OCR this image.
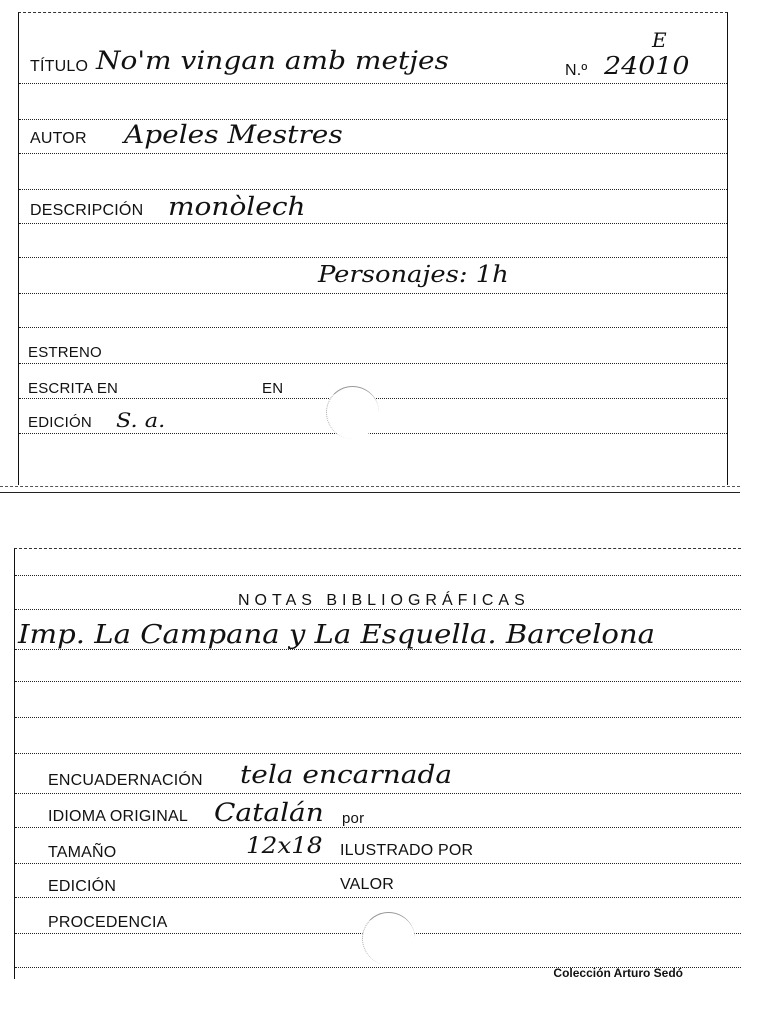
TÍTULO No'm vingan amb metjes	N.º 24010
E
AUTOR Apeles Mestres
DESCRIPCIÓN monòlech
Personajes: 1h
ESTRENO
ESCRITA EN	EN
EDICIÓN S. a.
NOTAS BIBLIOGRÁFICAS
Imp. La Campana y La Esquella. Barcelona
ENCUADERNACIÓN tela encarnada
IDIOMA ORIGINAL Catalán por
TAMAÑO	12x18 ILUSTRADO POR
EDICIÓN	VALOR
PROCEDENCIA
Colección Arturo Sedó
